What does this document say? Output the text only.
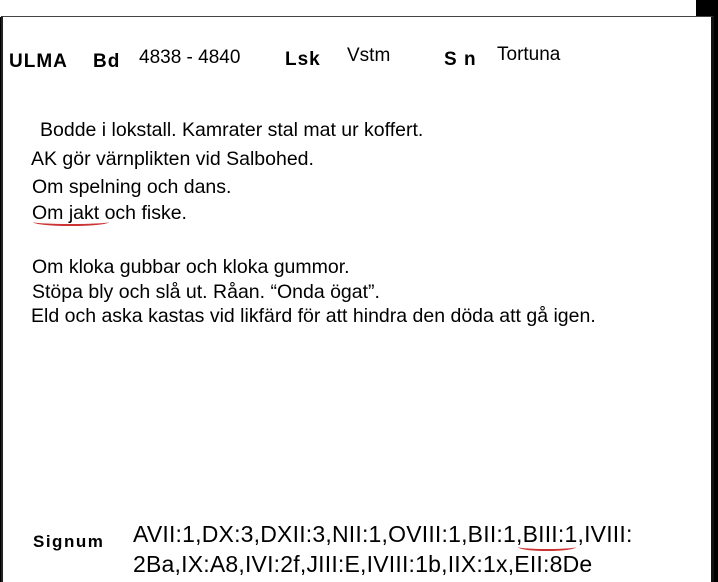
ULMA Bd 4838 - 4840 Lsk Vstm	S n Tortuna
Bodde i lokstall. Kamrater stal mat ur koffert.
AK gör värnplikten vid Salbohed.
Om spelning och dans.
Om jakt och fiske.
Om kloka gubbar och kloka gummor.
Stöpa bly och slå ut. Råan. “Onda ögat”.
Eld och aska kastas vid likfärd för att hindra den döda att gå igen.
Signum AVII:1,DX:3,DXII:3,NII:1,OVIII:1,BII:1,BIII:1,IVIII:
2Ba,IX:A8,IVI:2f,JIII:E,IVIII:1b,IIX:1x,EII:8De
